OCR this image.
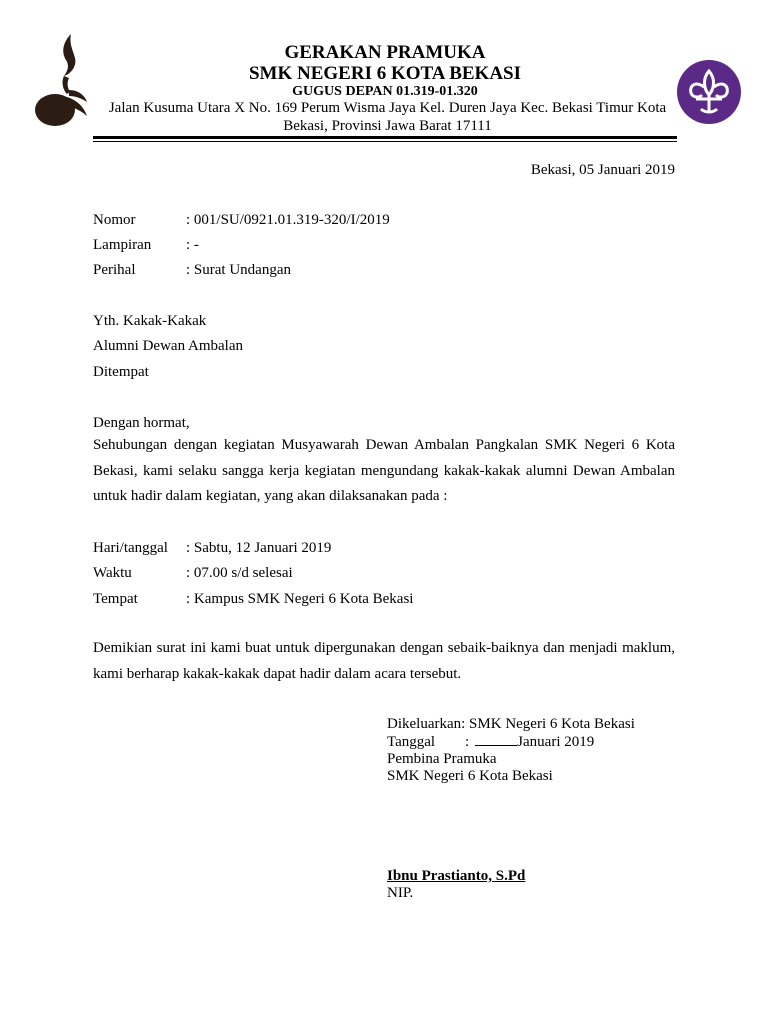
GERAKAN PRAMUKA
SMK NEGERI 6 KOTA BEKASI
GUGUS DEPAN 01.319-01.320
Jalan Kusuma Utara X No. 169 Perum Wisma Jaya Kel. Duren Jaya Kec. Bekasi Timur Kota
Bekasi, Provinsi Jawa Barat 17111
Bekasi, 05 Januari 2019
Nomor	: 001/SU/0921.01.319-320/I/2019
Lampiran : -
Perihal	: Surat Undangan
Yth. Kakak-Kakak
Alumni Dewan Ambalan
Ditempat
Dengan hormat,
Sehubungan dengan kegiatan Musyawarah Dewan Ambalan Pangkalan SMK Negeri 6 Kota Bekasi, kami selaku sangga kerja kegiatan mengundang kakak-kakak alumni Dewan Ambalan untuk hadir dalam kegiatan, yang akan dilaksanakan pada :
Hari/tanggal : Sabtu, 12 Januari 2019
Waktu	: 07.00 s/d selesai
Tempat	: Kampus SMK Negeri 6 Kota Bekasi
Demikian surat ini kami buat untuk dipergunakan dengan sebaik-baiknya dan menjadi maklum, kami berharap kakak-kakak dapat hadir dalam acara tersebut.
Dikeluarkan: SMK Negeri 6 Kota Bekasi
Tanggal :	Januari 2019
Pembina Pramuka
SMK Negeri 6 Kota Bekasi
Ibnu Prastianto, S.Pd
NIP.
